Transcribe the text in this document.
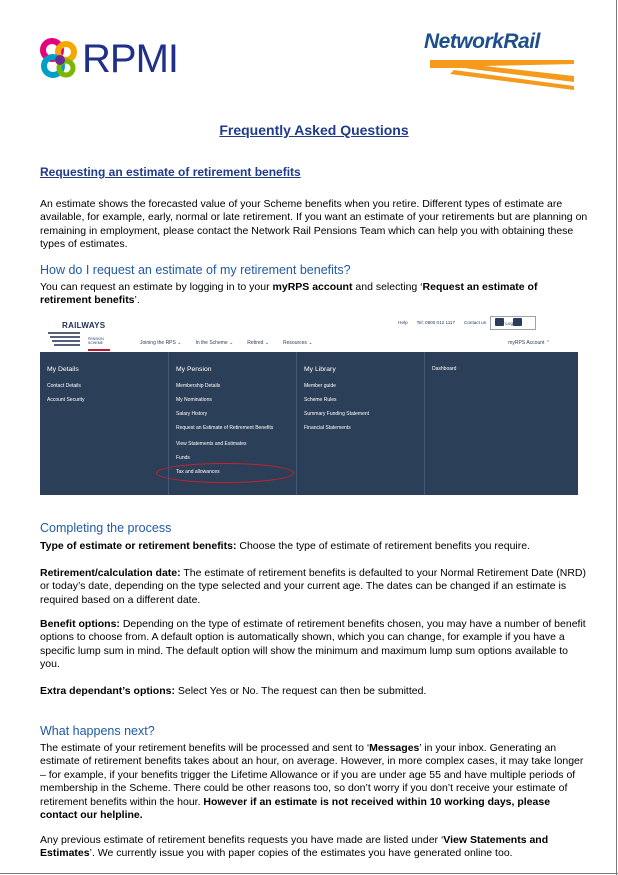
RPMI	NetworkRail
Frequently Asked Questions

Requesting an estimate of retirement benefits

An estimate shows the forecasted value of your Scheme benefits when you retire. Different types of estimate are available, for example, early, normal or late retirement. If you want an estimate of your retirements but are planning on remaining in employment, please contact the Network Rail Pensions Team which can help you with obtaining these types of estimates.

How do I request an estimate of my retirement benefits?

You can request an estimate by logging in to your myRPS account and selecting ‘Request an estimate of retirement benefits’.

RAILWAYS
PENSION SCHEME
Help Tel: 0800 012 1117 Contact us	Log out
Joining the RPS ⌄	In the Scheme ⌄	Retired ⌄	Resources ⌄	myRPS Account ⌃
My Details
Contact Details
Account Security
My Pension
Membership Details
My Nominations
Salary History
Request an Estimate of Retirement Benefits
View Statements and Estimates
Funds
Tax and allowances
My Library
Member guide
Scheme Rules
Summary Funding Statement
Financial Statements
Dashboard

Completing the process

Type of estimate or retirement benefits: Choose the type of estimate of retirement benefits you require.

Retirement/calculation date: The estimate of retirement benefits is defaulted to your Normal Retirement Date (NRD) or today’s date, depending on the type selected and your current age. The dates can be changed if an estimate is required based on a different date.

Benefit options: Depending on the type of estimate of retirement benefits chosen, you may have a number of benefit options to choose from. A default option is automatically shown, which you can change, for example if you have a specific lump sum in mind. The default option will show the minimum and maximum lump sum options available to you.

Extra dependant’s options: Select Yes or No. The request can then be submitted.

What happens next?

The estimate of your retirement benefits will be processed and sent to ‘Messages’ in your inbox. Generating an estimate of retirement benefits takes about an hour, on average. However, in more complex cases, it may take longer – for example, if your benefits trigger the Lifetime Allowance or if you are under age 55 and have multiple periods of membership in the Scheme. There could be other reasons too, so don’t worry if you don’t receive your estimate of retirement benefits within the hour. However if an estimate is not received within 10 working days, please contact our helpline.

Any previous estimate of retirement benefits requests you have made are listed under ‘View Statements and Estimates’. We currently issue you with paper copies of the estimates you have generated online too.
